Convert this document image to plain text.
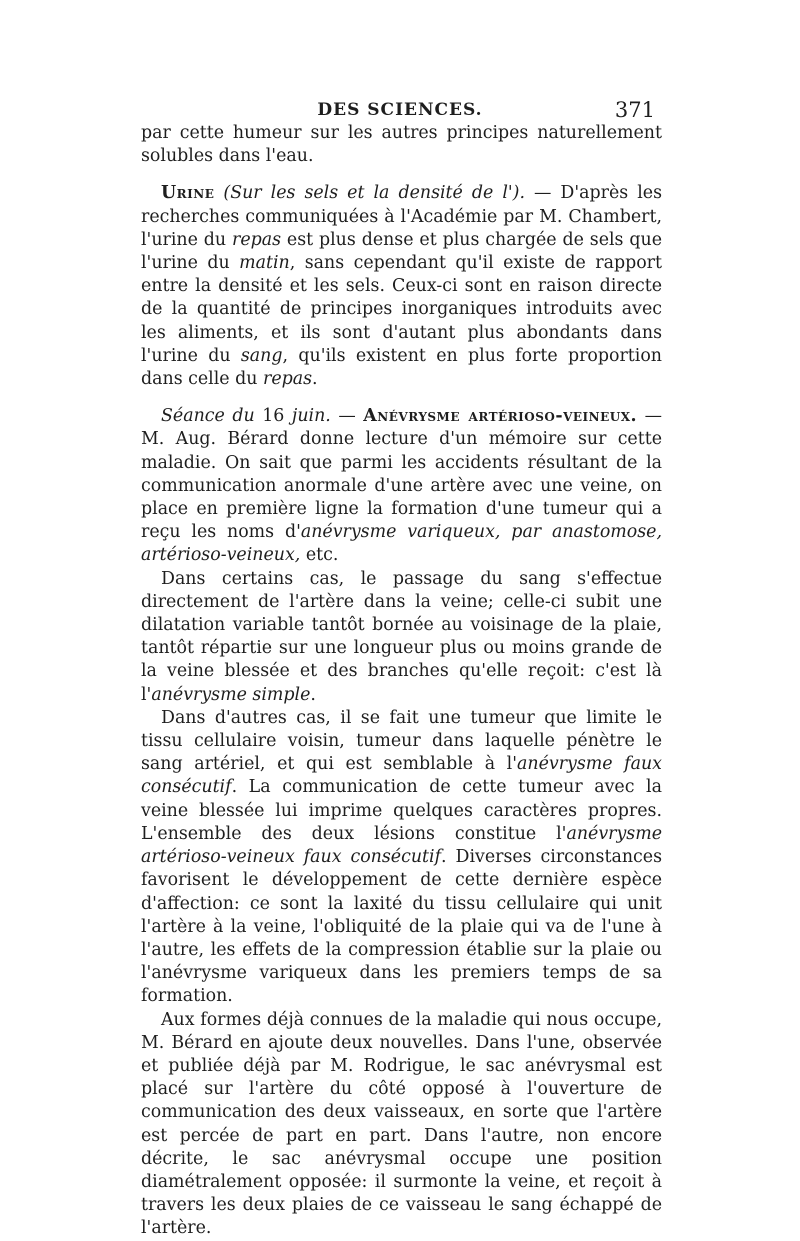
DES SCIENCES.	371

par cette humeur sur les autres principes naturellement solubles dans l'eau.

Urine (Sur les sels et la densité de l'). — D'après les recherches communiquées à l'Académie par M. Chambert, l'urine du repas est plus dense et plus chargée de sels que l'urine du matin, sans cependant qu'il existe de rapport entre la densité et les sels. Ceux-ci sont en raison directe de la quantité de principes inorganiques introduits avec les aliments, et ils sont d'autant plus abondants dans l'urine du sang, qu'ils existent en plus forte proportion dans celle du repas.

Séance du 16 juin. — Anévrysme artérioso-veineux. — M. Aug. Bérard donne lecture d'un mémoire sur cette maladie. On sait que parmi les accidents résultant de la communication anormale d'une artère avec une veine, on place en première ligne la formation d'une tumeur qui a reçu les noms d'anévrysme variqueux, par anastomose, artérioso-veineux, etc.

Dans certains cas, le passage du sang s'effectue directement de l'artère dans la veine; celle-ci subit une dilatation variable tantôt bornée au voisinage de la plaie, tantôt répartie sur une longueur plus ou moins grande de la veine blessée et des branches qu'elle reçoit: c'est là l'anévrysme simple.

Dans d'autres cas, il se fait une tumeur que limite le tissu cellulaire voisin, tumeur dans laquelle pénètre le sang artériel, et qui est semblable à l'anévrysme faux consécutif. La communication de cette tumeur avec la veine blessée lui imprime quelques caractères propres. L'ensemble des deux lésions constitue l'anévrysme artérioso-veineux faux consécutif. Diverses circonstances favorisent le développement de cette dernière espèce d'affection: ce sont la laxité du tissu cellulaire qui unit l'artère à la veine, l'obliquité de la plaie qui va de l'une à l'autre, les effets de la compression établie sur la plaie ou l'anévrysme variqueux dans les premiers temps de sa formation.

Aux formes déjà connues de la maladie qui nous occupe, M. Bérard en ajoute deux nouvelles. Dans l'une, observée et publiée déjà par M. Rodrigue, le sac anévrysmal est placé sur l'artère du côté opposé à l'ouverture de communication des deux vaisseaux, en sorte que l'artère est percée de part en part. Dans l'autre, non encore décrite, le sac anévrysmal occupe une position diamétralement opposée: il surmonte la veine, et reçoit à travers les deux plaies de ce vaisseau le sang échappé de l'artère.
